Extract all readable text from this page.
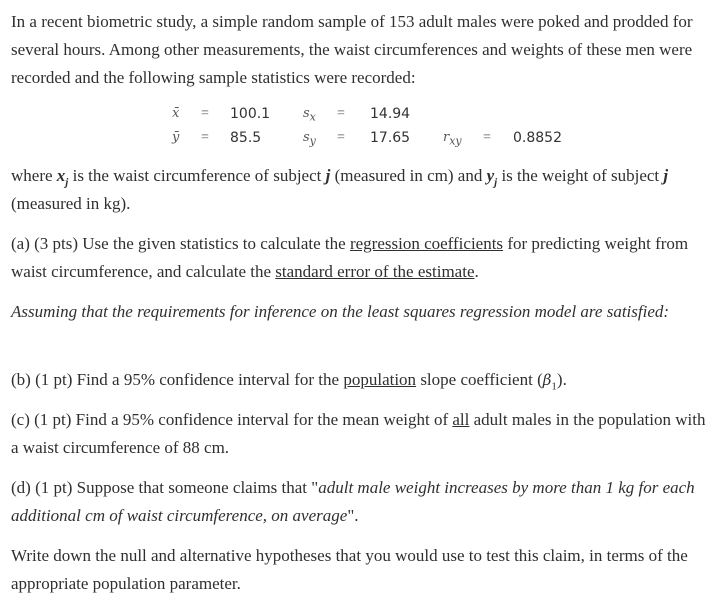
In a recent biometric study, a simple random sample of 153 adult males were poked and prodded for several hours. Among other measurements, the waist circumferences and weights of these men were recorded and the following sample statistics were recorded:

x̄ = 100.1	$s_x = 14.94$
ȳ = 85.5	$s_y = 17.65$	$r_{xy} = 0.8852$

where $x_j$ is the waist circumference of subject j (measured in cm) and $y_j$ is the weight of subject j (measured in kg).

(a) (3 pts) Use the given statistics to calculate the regression coefficients for predicting weight from waist circumference, and calculate the standard error of the estimate.

Assuming that the requirements for inference on the least squares regression model are satisfied:

(b) (1 pt) Find a 95% confidence interval for the population slope coefficient $(\beta_1)$.

(c) (1 pt) Find a 95% confidence interval for the mean weight of all adult males in the population with a waist circumference of 88 cm.

(d) (1 pt) Suppose that someone claims that "adult male weight increases by more than 1 kg for each additional cm of waist circumference, on average".

Write down the null and alternative hypotheses that you would use to test this claim, in terms of the appropriate population parameter.
